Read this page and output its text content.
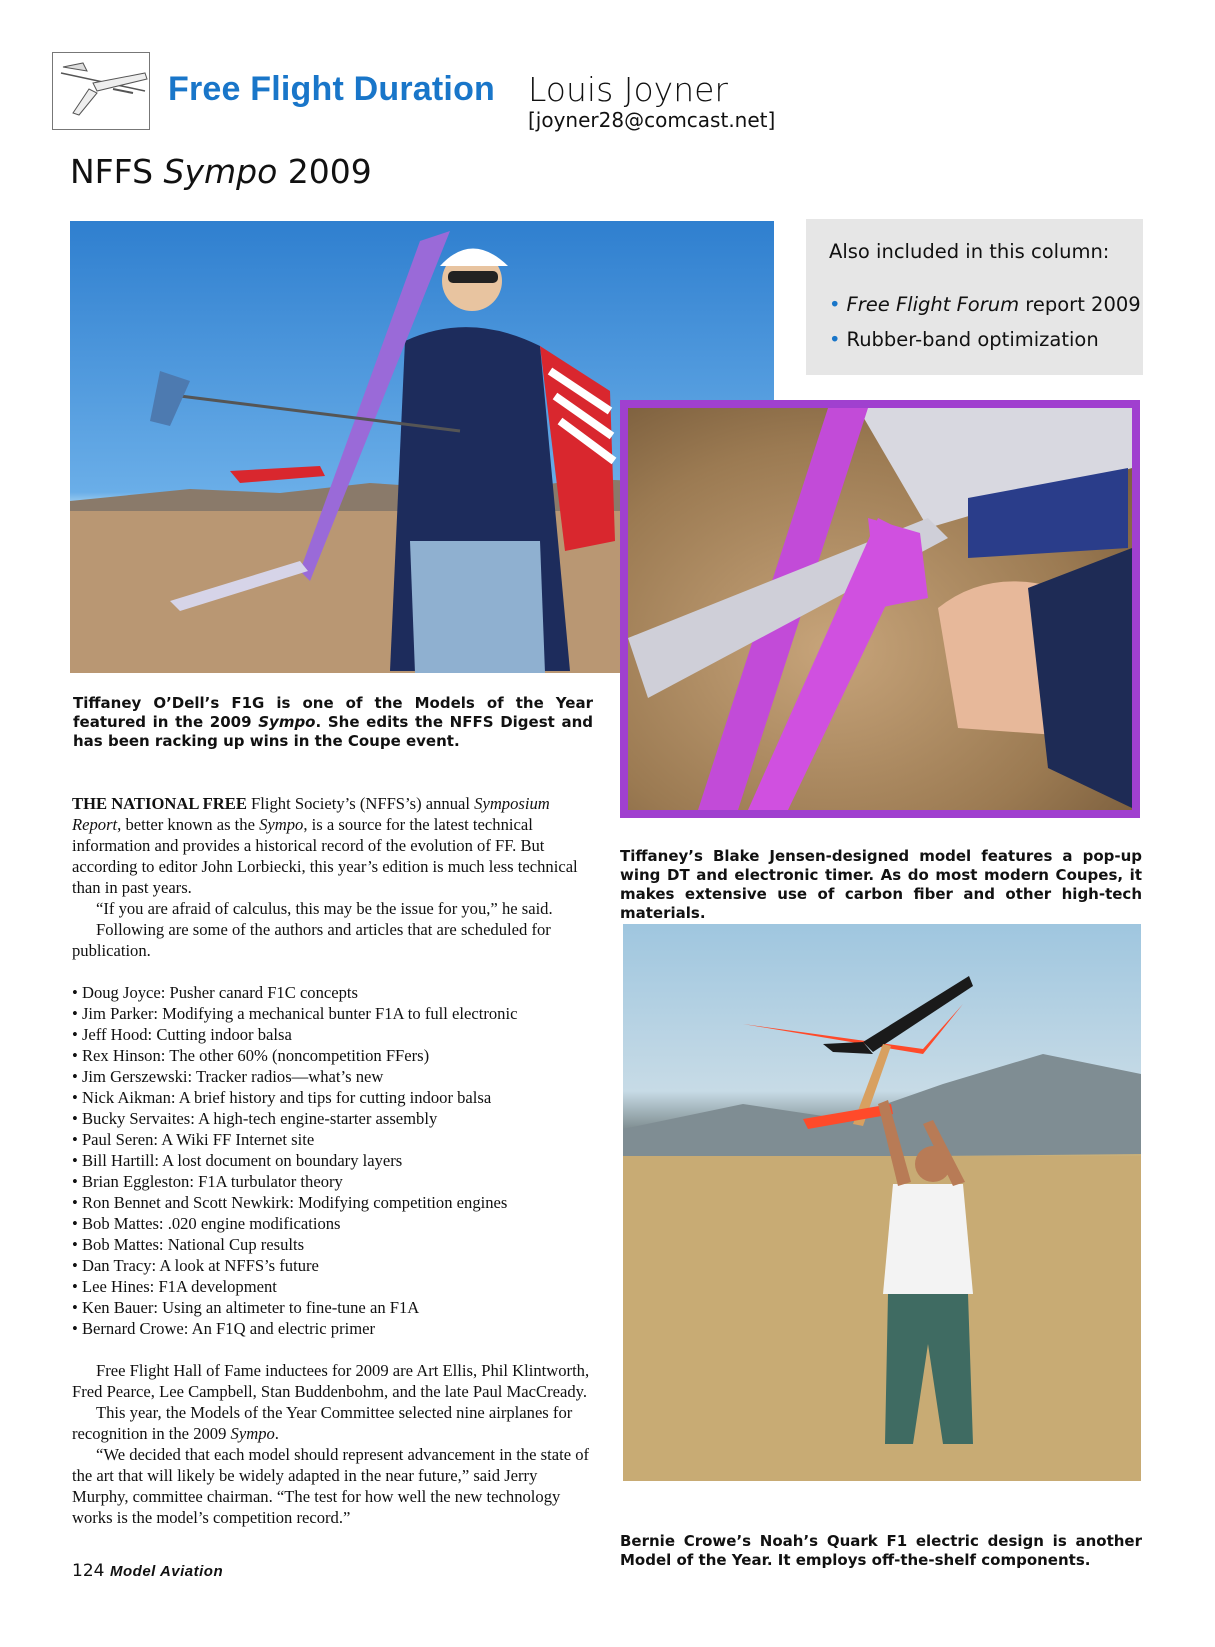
Free Flight Duration Louis Joyner
[joyner28@comcast.net]
NFFS Sympo 2009
Also included in this column:
• Free Flight Forum report 2009
• Rubber-band optimization
Tiffaney O’Dell’s F1G is one of the Models of the Year featured in the 2009 Sympo. She edits the NFFS Digest and has been racking up wins in the Coupe event.
Tiffaney’s Blake Jensen-designed model features a pop-up wing DT and electronic timer. As do most modern Coupes, it makes extensive use of carbon fiber and other high-tech materials.
Bernie Crowe’s Noah’s Quark F1 electric design is another Model of the Year. It employs off-the-shelf components.

THE NATIONAL FREE Flight Society’s (NFFS’s) annual Symposium Report, better known as the Sympo, is a source for the latest technical information and provides a historical record of the evolution of FF. But according to editor John Lorbiecki, this year’s edition is much less technical than in past years.

“If you are afraid of calculus, this may be the issue for you,” he said.

Following are some of the authors and articles that are scheduled for publication.

• Doug Joyce: Pusher canard F1C concepts
• Jim Parker: Modifying a mechanical bunter F1A to full electronic
• Jeff Hood: Cutting indoor balsa
• Rex Hinson: The other 60% (noncompetition FFers)
• Jim Gerszewski: Tracker radios—what’s new
• Nick Aikman: A brief history and tips for cutting indoor balsa
• Bucky Servaites: A high-tech engine-starter assembly
• Paul Seren: A Wiki FF Internet site
• Bill Hartill: A lost document on boundary layers
• Brian Eggleston: F1A turbulator theory
• Ron Bennet and Scott Newkirk: Modifying competition engines
• Bob Mattes: .020 engine modifications
• Bob Mattes: National Cup results
• Dan Tracy: A look at NFFS’s future
• Lee Hines: F1A development
• Ken Bauer: Using an altimeter to fine-tune an F1A
• Bernard Crowe: An F1Q and electric primer

Free Flight Hall of Fame inductees for 2009 are Art Ellis, Phil Klintworth, Fred Pearce, Lee Campbell, Stan Buddenbohm, and the late Paul MacCready.

This year, the Models of the Year Committee selected nine airplanes for recognition in the 2009 Sympo.

“We decided that each model should represent advancement in the state of the art that will likely be widely adapted in the near future,” said Jerry Murphy, committee chairman. “The test for how well the new technology works is the model’s competition record.”

124 Model Aviation
